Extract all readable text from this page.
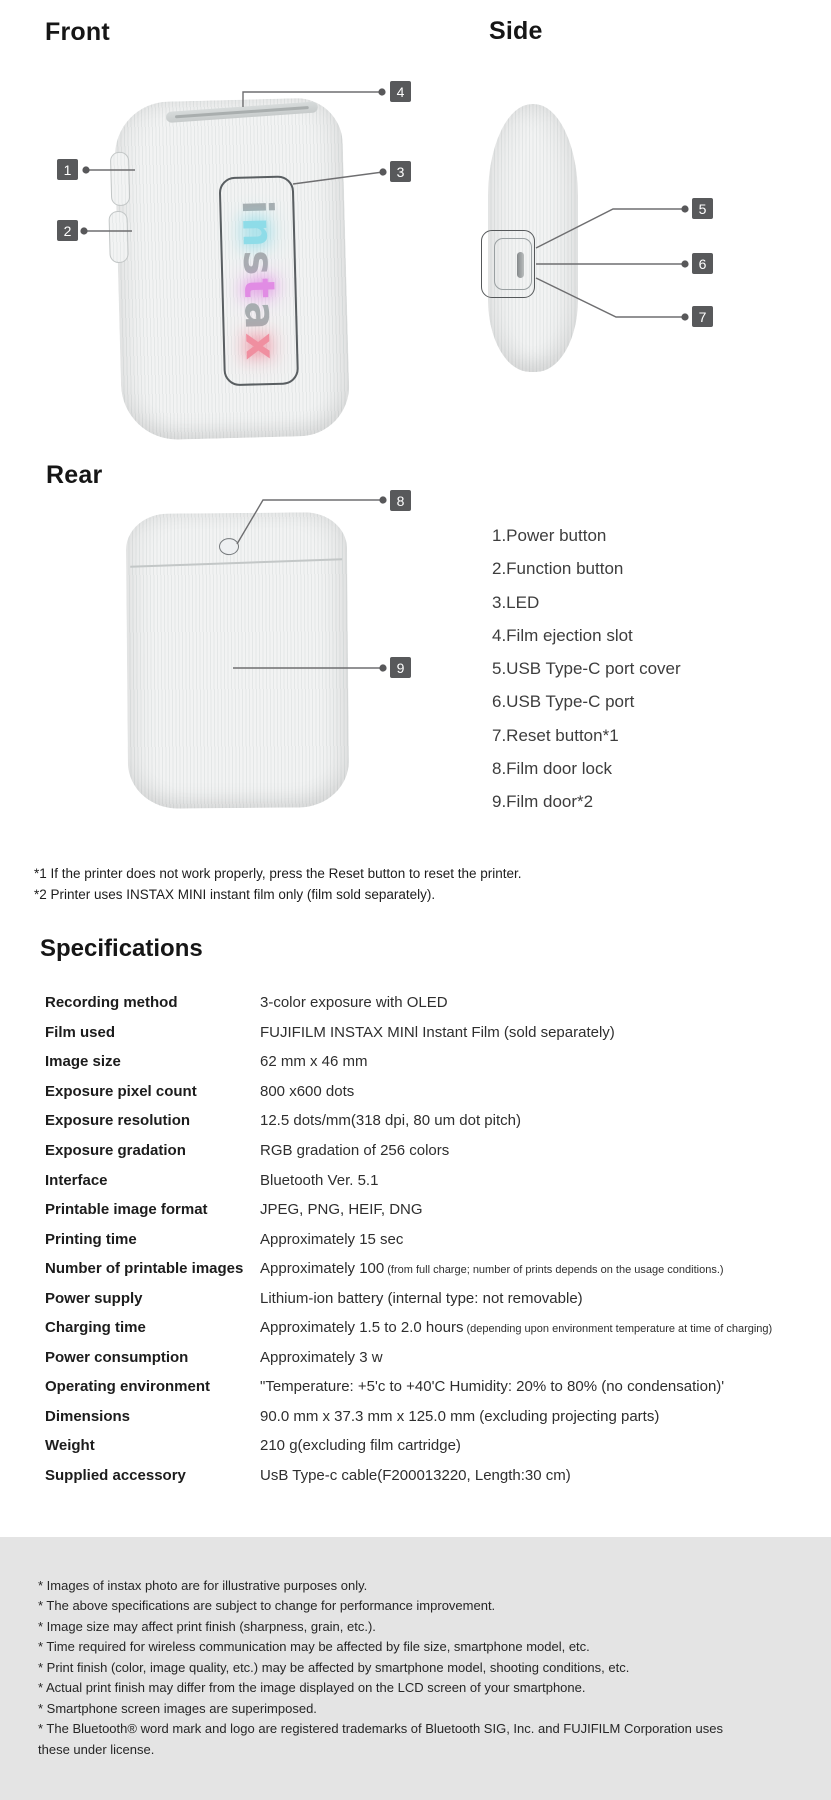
Front	Side
Rear
instax
1
2
3
4
5
6
7
8
9
1.Power button
2.Function button
3.LED
4.Film ejection slot
5.USB Type-C port cover
6.USB Type-C port
7.Reset button*1
8.Film door lock
9.Film door*2
*1 If the printer does not work properly, press the Reset button to reset the printer.
*2 Printer uses INSTAX MINI instant film only (film sold separately).
Specifications
Recording method	3-color exposure with OLED
Film used	FUJIFILM INSTAX MINl Instant Film (sold separately)
Image size	62 mm x 46 mm
Exposure pixel count	800 x600 dots
Exposure resolution	12.5 dots/mm(318 dpi, 80 um dot pitch)
Exposure gradation	RGB gradation of 256 colors
Interface	Bluetooth Ver. 5.1
Printable image format	JPEG, PNG, HEIF, DNG
Printing time	Approximately 15 sec
Number of printable images	Approximately 100 (from full charge; number of prints depends on the usage conditions.)
Power supply	Lithium-ion battery (internal type: not removable)
Charging time	Approximately 1.5 to 2.0 hours (depending upon environment temperature at time of charging)
Power consumption	Approximately 3 w
Operating environment	"Temperature: +5'c to +40'C Humidity: 20% to 80% (no condensation)'
Dimensions	90.0 mm x 37.3 mm x 125.0 mm (excluding projecting parts)
Weight	210 g(excluding film cartridge)
Supplied accessory	UsB Type-c cable(F200013220, Length:30 cm)
* Images of instax photo are for illustrative purposes only.
* The above specifications are subject to change for performance improvement.
* Image size may affect print finish (sharpness, grain, etc.).
* Time required for wireless communication may be affected by file size, smartphone model, etc.
* Print finish (color, image quality, etc.) may be affected by smartphone model, shooting conditions, etc.
* Actual print finish may differ from the image displayed on the LCD screen of your smartphone.
* Smartphone screen images are superimposed.
* The Bluetooth® word mark and logo are registered trademarks of Bluetooth SIG, Inc. and FUJIFILM Corporation uses these under license.
